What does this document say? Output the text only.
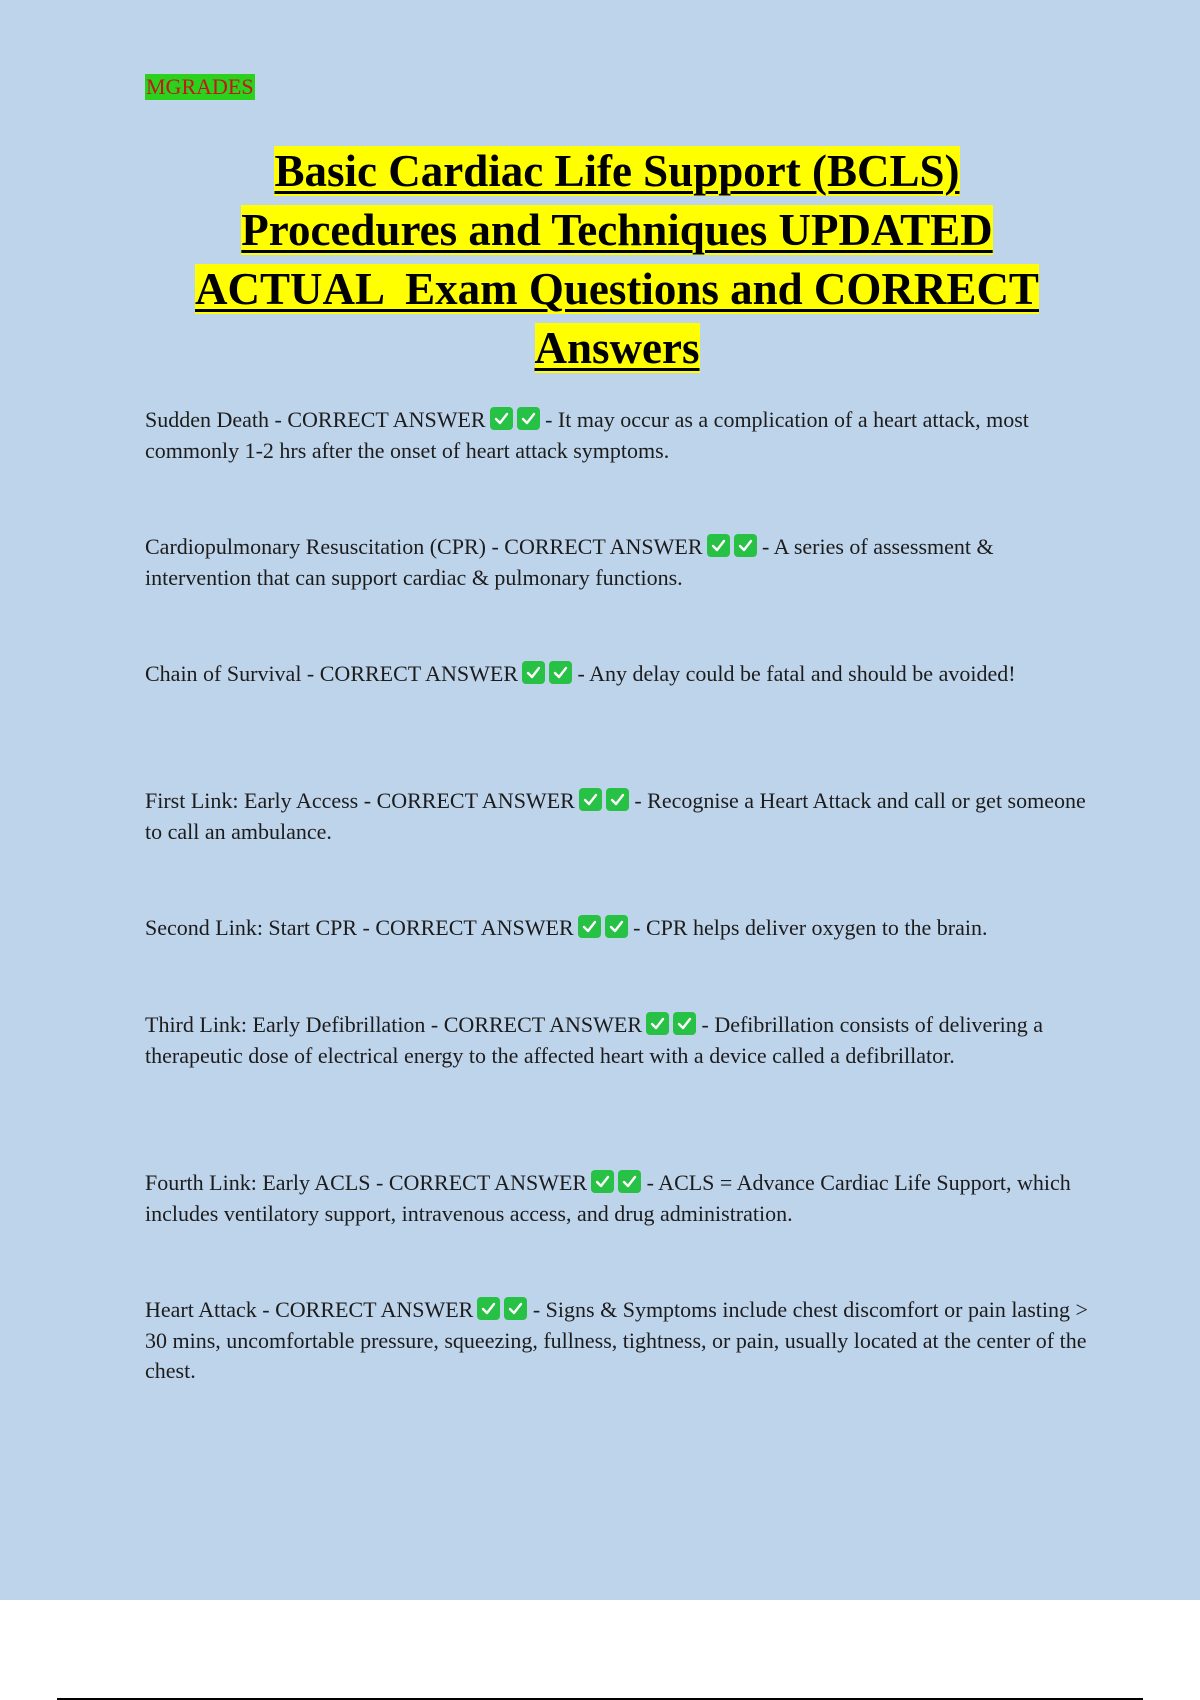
MGRADES
Basic Cardiac Life Support (BCLS)
Procedures and Techniques UPDATED
ACTUAL  Exam Questions and CORRECT
Answers
Sudden Death - CORRECT ANSWER	- It may occur as a complication of a heart attack, most commonly 1-2 hrs after the onset of heart attack symptoms.
Cardiopulmonary Resuscitation (CPR) - CORRECT ANSWER	- A series of assessment & intervention that can support cardiac & pulmonary functions.
Chain of Survival - CORRECT ANSWER	- Any delay could be fatal and should be avoided!
First Link: Early Access - CORRECT ANSWER	- Recognise a Heart Attack and call or get someone to call an ambulance.
Second Link: Start CPR - CORRECT ANSWER	- CPR helps deliver oxygen to the brain.
Third Link: Early Defibrillation - CORRECT ANSWER	- Defibrillation consists of delivering a therapeutic dose of electrical energy to the affected heart with a device called a defibrillator.
Fourth Link: Early ACLS - CORRECT ANSWER	- ACLS = Advance Cardiac Life Support, which includes ventilatory support, intravenous access, and drug administration.
Heart Attack - CORRECT ANSWER	- Signs & Symptoms include chest discomfort or pain lasting > 30 mins, uncomfortable pressure, squeezing, fullness, tightness, or pain, usually located at the center of the chest.
